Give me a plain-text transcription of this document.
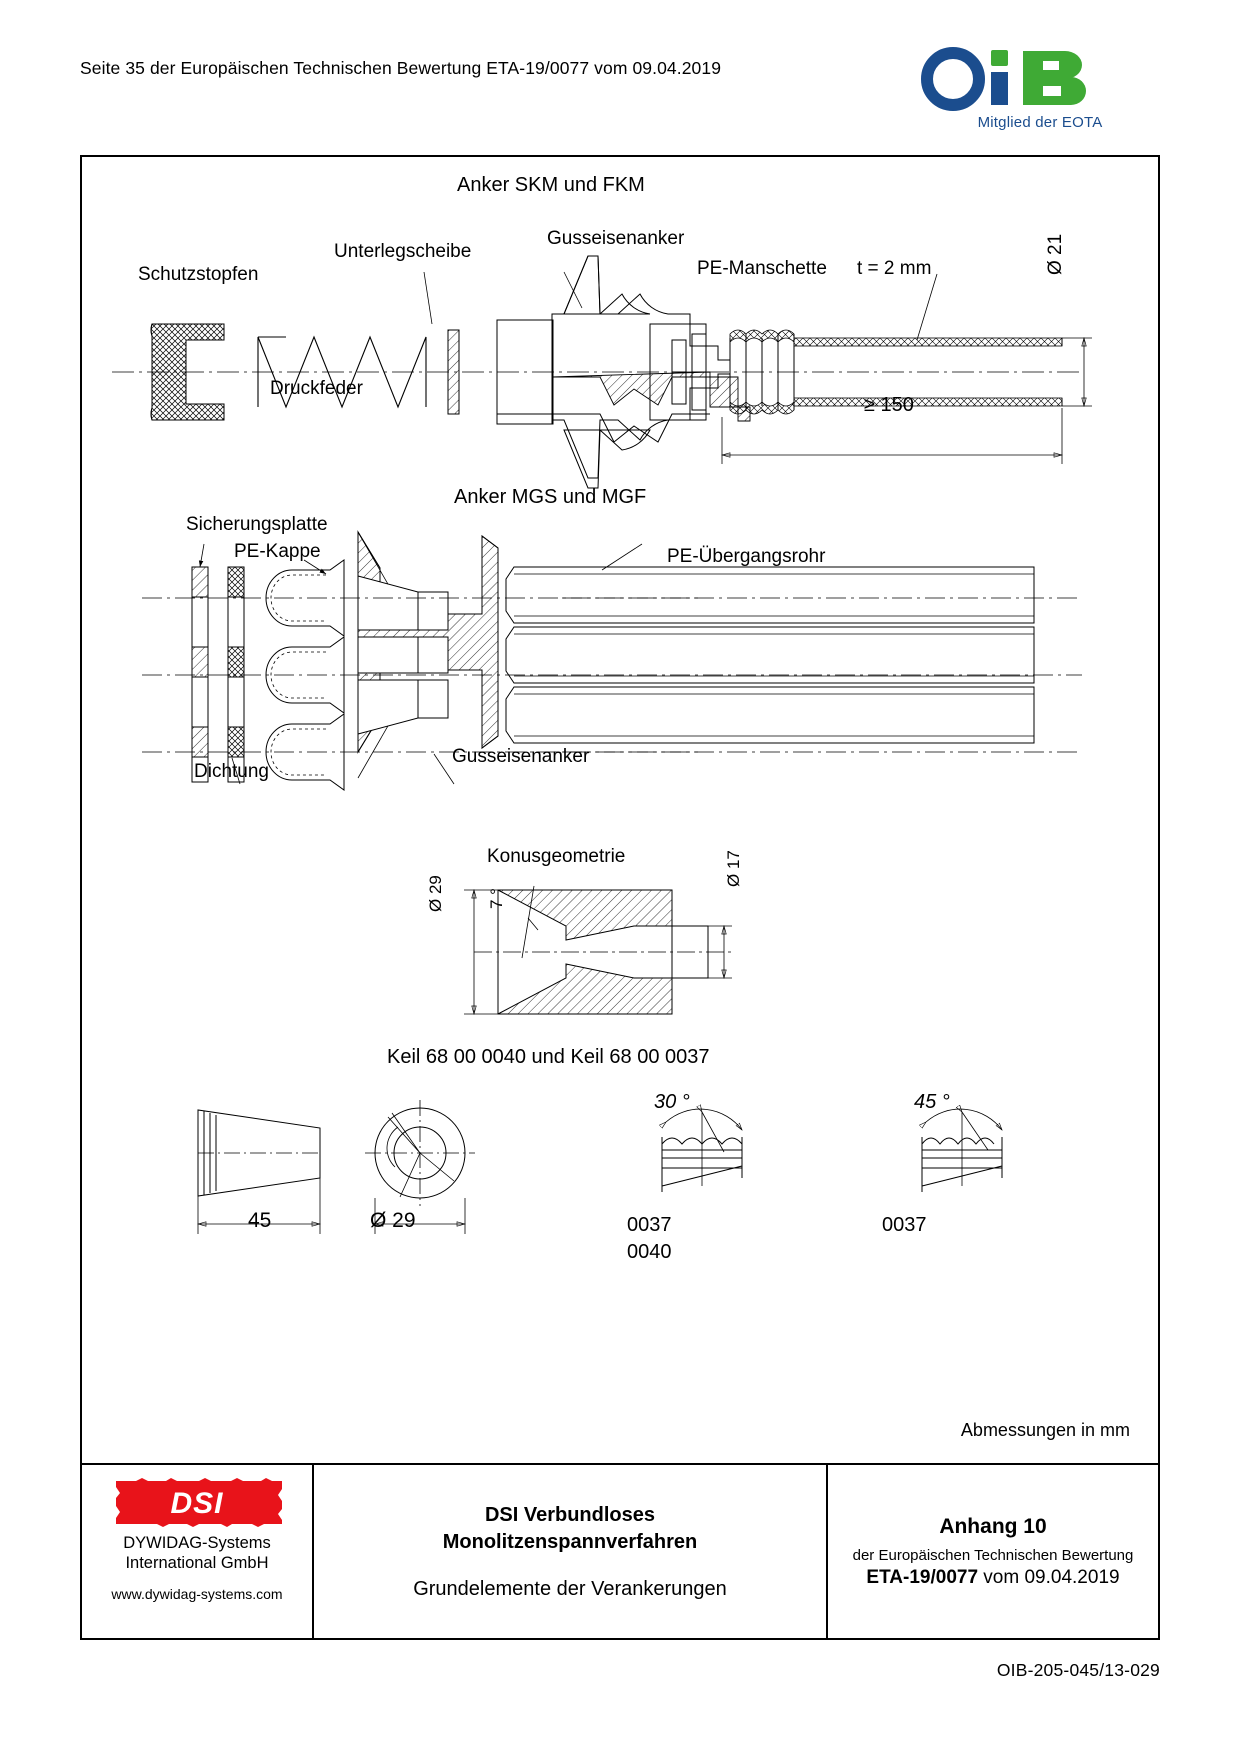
Seite 35 der Europäischen Technischen Bewertung ETA-19/0077 vom 09.04.2019
Mitglied der EOTA
Anker SKM und FKM
Schutzstopfen
Unterlegscheibe
Gusseisenanker
PE-Manschette t = 2 mm
Druckfeder
Ø 21
≥ 150
Anker MGS und MGF
Sicherungsplatte
PE-Kappe	PE-Übergangsrohr
Dichtung
Gusseisenanker
Konusgeometrie
Ø 29
Ø 17
7 °
Keil 68 00 0040 und Keil 68 00 0037
45	Ø 29
30 °	45 °
0037
0040
0037
Abmessungen in mm
DSI
DYWIDAG-Systems
International GmbH
www.dywidag-systems.com
DSI Verbundloses
Monolitzenspannverfahren
Grundelemente der Verankerungen
Anhang 10
der Europäischen Technischen Bewertung
ETA-19/0077 vom 09.04.2019
OIB-205-045/13-029
